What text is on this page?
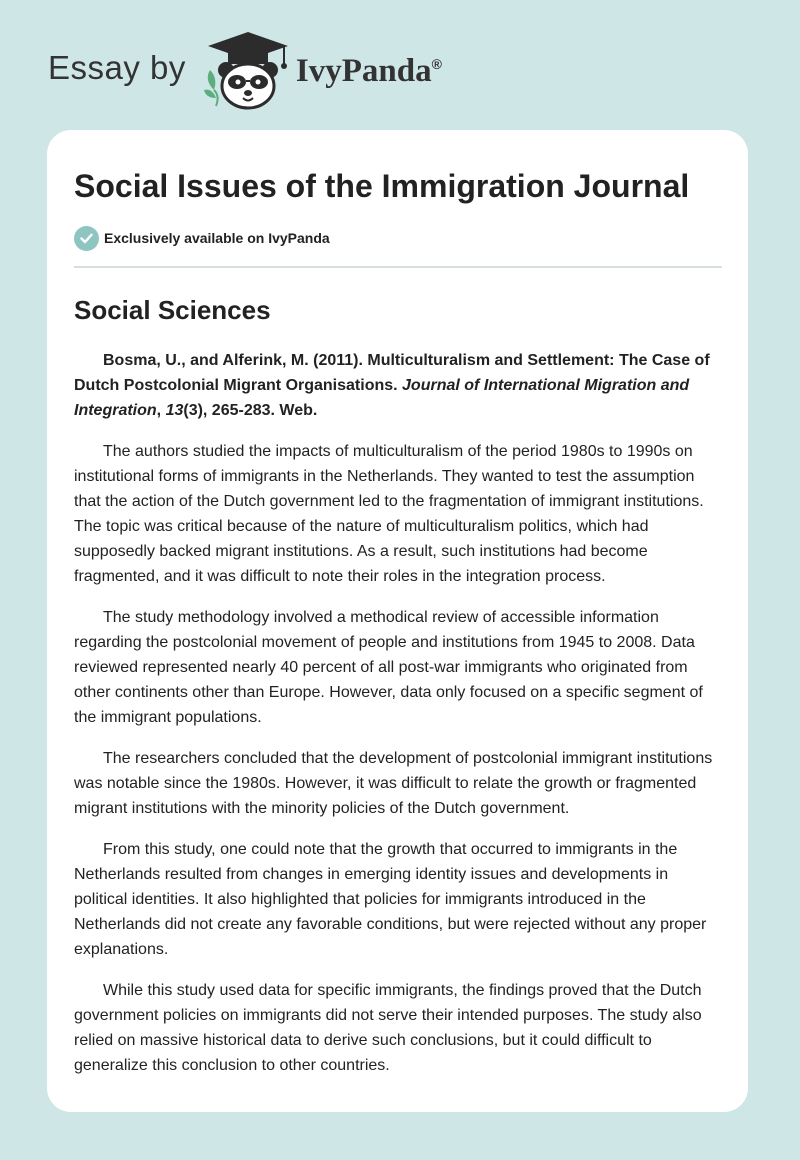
Essay by	IvyPanda®
Social Issues of the Immigration Journal
Exclusively available on IvyPanda
Social Sciences

Bosma, U., and Alferink, M. (2011). Multiculturalism and Settlement: The Case of Dutch Postcolonial Migrant Organisations. Journal of International Migration and Integration, 13(3), 265-283. Web.

The authors studied the impacts of multiculturalism of the period 1980s to 1990s on institutional forms of immigrants in the Netherlands. They wanted to test the assumption that the action of the Dutch government led to the fragmentation of immigrant institutions. The topic was critical because of the nature of multiculturalism politics, which had supposedly backed migrant institutions. As a result, such institutions had become fragmented, and it was difficult to note their roles in the integration process.

The study methodology involved a methodical review of accessible information regarding the postcolonial movement of people and institutions from 1945 to 2008. Data reviewed represented nearly 40 percent of all post-war immigrants who originated from other continents other than Europe. However, data only focused on a specific segment of the immigrant populations.

The researchers concluded that the development of postcolonial immigrant institutions was notable since the 1980s. However, it was difficult to relate the growth or fragmented migrant institutions with the minority policies of the Dutch government.

From this study, one could note that the growth that occurred to immigrants in the Netherlands resulted from changes in emerging identity issues and developments in political identities. It also highlighted that policies for immigrants introduced in the Netherlands did not create any favorable conditions, but were rejected without any proper explanations.

While this study used data for specific immigrants, the findings proved that the Dutch government policies on immigrants did not serve their intended purposes. The study also relied on massive historical data to derive such conclusions, but it could difficult to generalize this conclusion to other countries.
